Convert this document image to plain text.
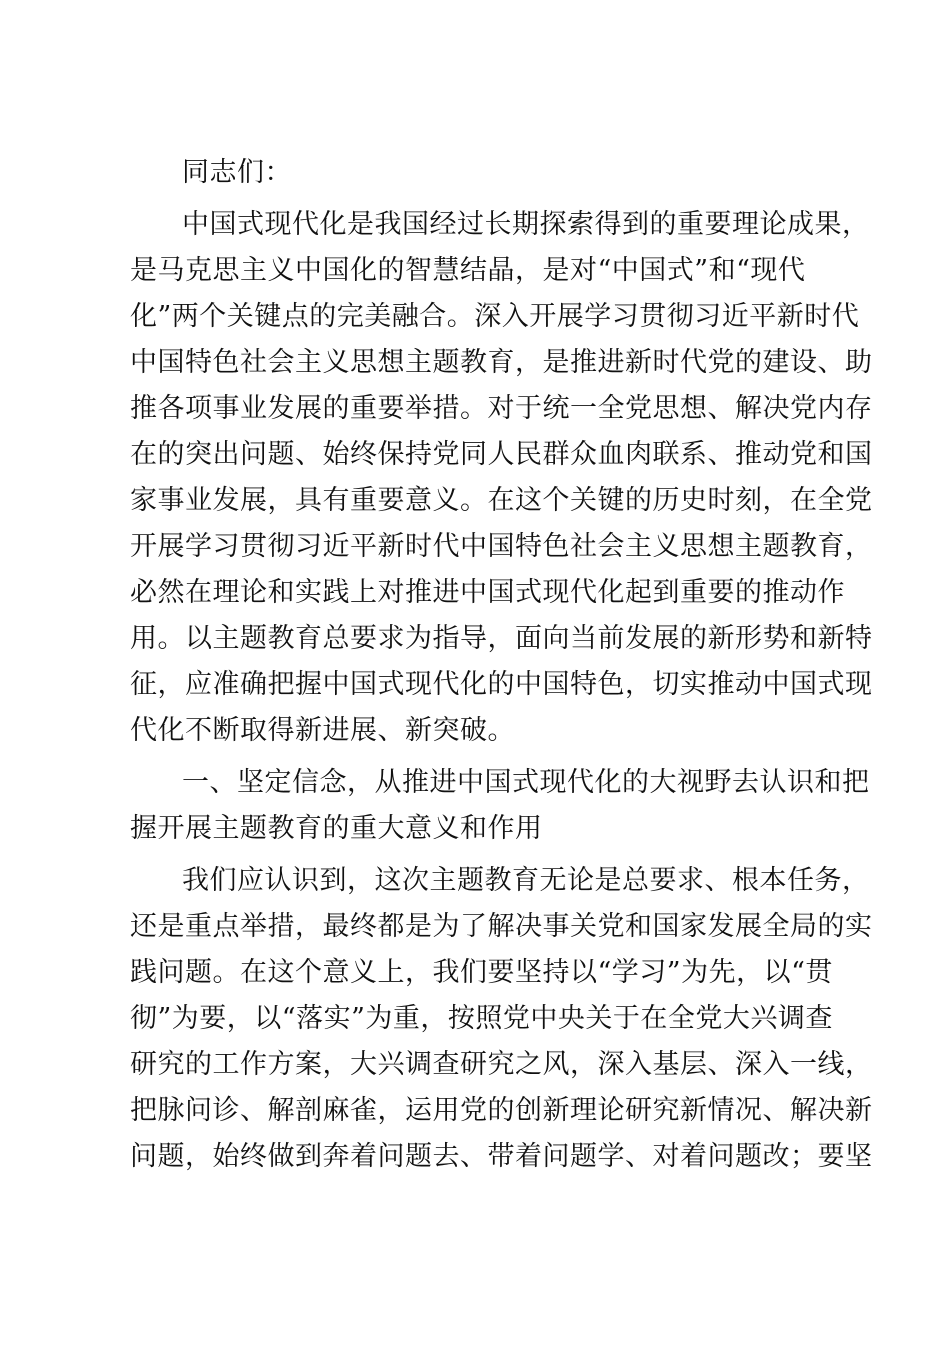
同志们：
中国式现代化是我国经过长期探索得到的重要理论成果，
是马克思主义中国化的智慧结晶，是对“中国式”和“现代
化”两个关键点的完美融合。深入开展学习贯彻习近平新时代
中国特色社会主义思想主题教育，是推进新时代党的建设、助
推各项事业发展的重要举措。对于统一全党思想、解决党内存
在的突出问题、始终保持党同人民群众血肉联系、推动党和国
家事业发展，具有重要意义。在这个关键的历史时刻，在全党
开展学习贯彻习近平新时代中国特色社会主义思想主题教育，
必然在理论和实践上对推进中国式现代化起到重要的推动作
用。以主题教育总要求为指导，面向当前发展的新形势和新特
征，应准确把握中国式现代化的中国特色，切实推动中国式现
代化不断取得新进展、新突破。
一、坚定信念，从推进中国式现代化的大视野去认识和把
握开展主题教育的重大意义和作用
我们应认识到，这次主题教育无论是总要求、根本任务，
还是重点举措，最终都是为了解决事关党和国家发展全局的实
践问题。在这个意义上，我们要坚持以“学习”为先，以“贯
彻”为要，以“落实”为重，按照党中央关于在全党大兴调查
研究的工作方案，大兴调查研究之风，深入基层、深入一线，
把脉问诊、解剖麻雀，运用党的创新理论研究新情况、解决新
问题，始终做到奔着问题去、带着问题学、对着问题改；要坚
